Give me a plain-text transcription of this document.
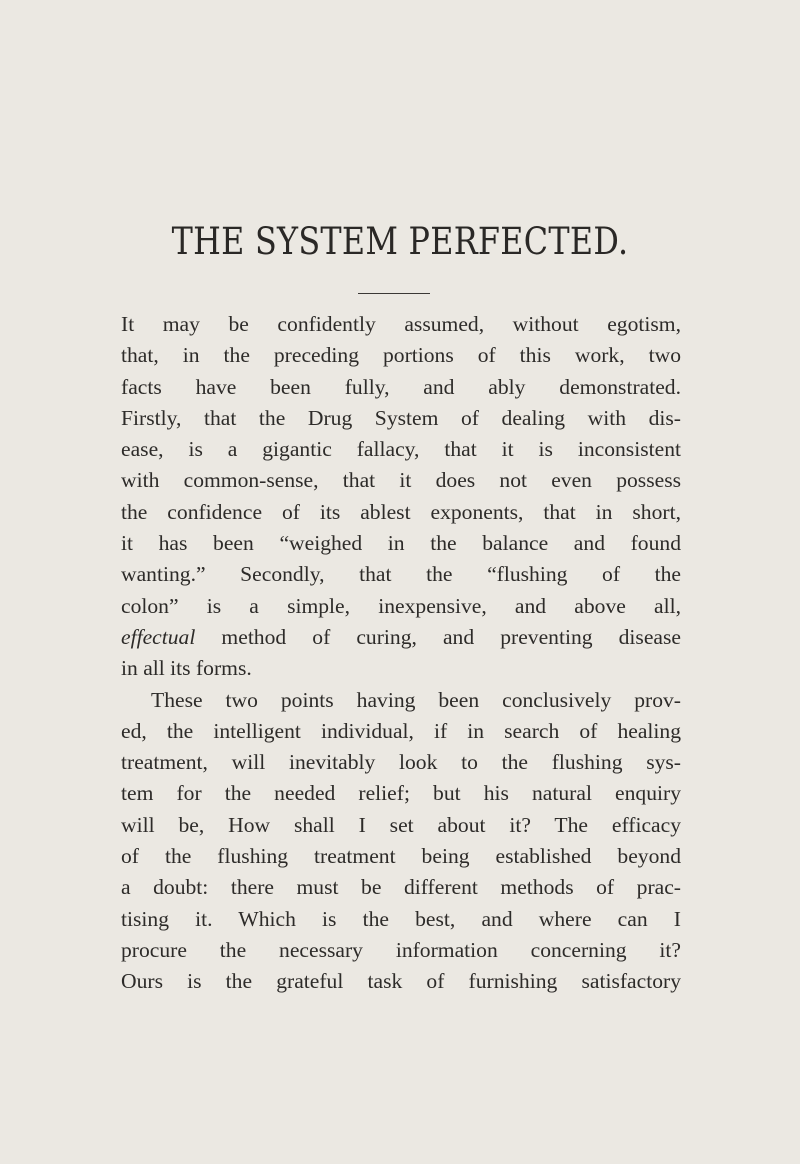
THE SYSTEM PERFECTED.
It may be confidently assumed, without egotism,
that, in the preceding portions of this work, two
facts have been fully, and ably demonstrated.
Firstly, that the Drug System of dealing with dis-
ease, is a gigantic fallacy, that it is inconsistent
with common-sense, that it does not even possess
the confidence of its ablest exponents, that in short,
it has been “weighed in the balance and found
wanting.” Secondly, that the “flushing of the
colon” is a simple, inexpensive, and above all,
effectual method of curing, and preventing disease
in all its forms.
These two points having been conclusively prov-
ed, the intelligent individual, if in search of healing
treatment, will inevitably look to the flushing sys-
tem for the needed relief; but his natural enquiry
will be, How shall I set about it? The efficacy
of the flushing treatment being established beyond
a doubt: there must be different methods of prac-
tising it. Which is the best, and where can I
procure the necessary information concerning it?
Ours is the grateful task of furnishing satisfactory
